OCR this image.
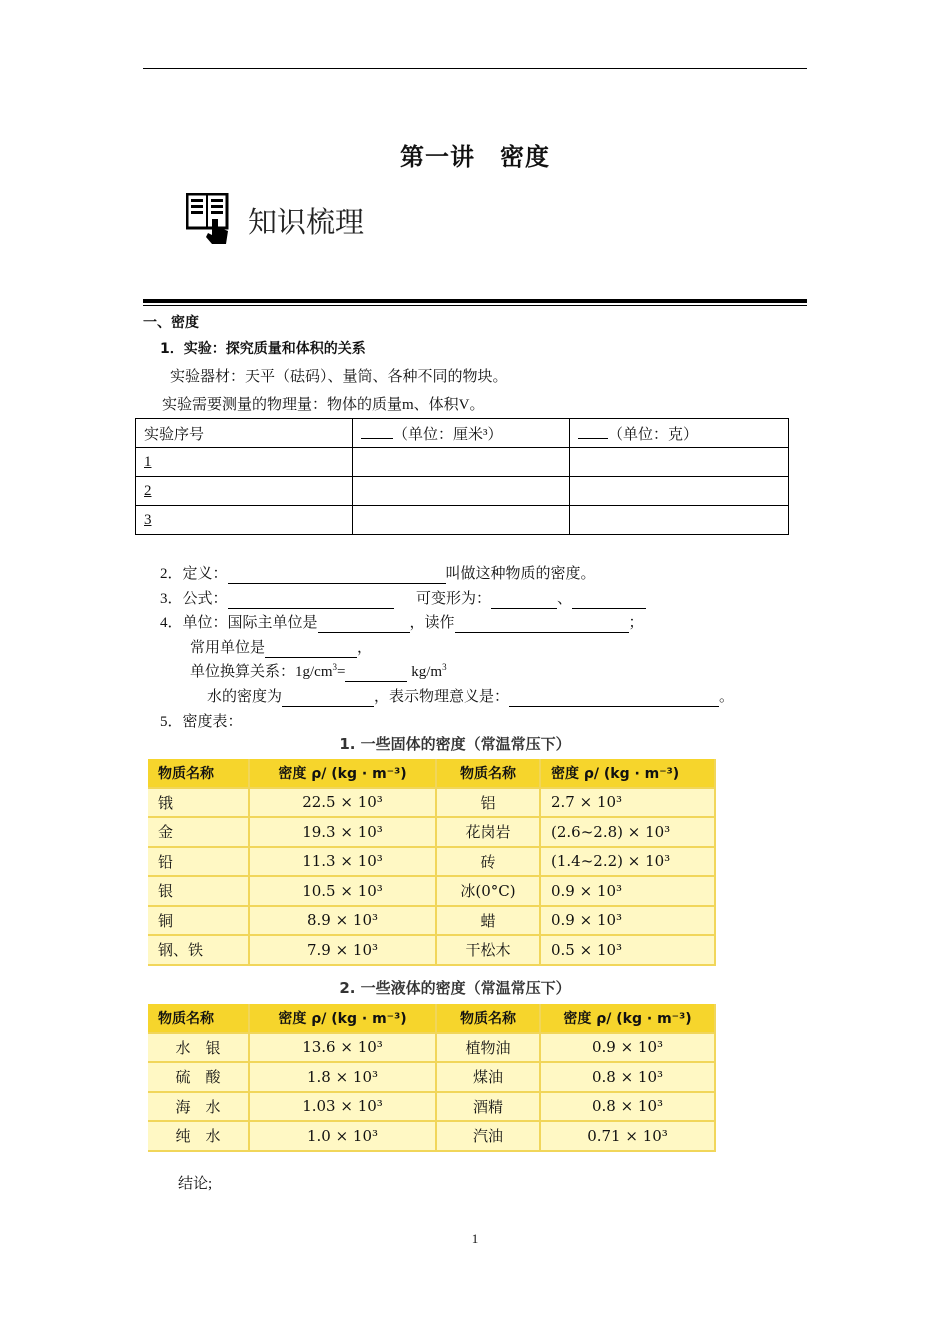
第一讲　密度
知识梳理
一、密度
1．实验：探究质量和体积的关系
实验器材：天平（砝码）、量筒、各种不同的物块。
实验需要测量的物理量：物体的质量m、体积V。
实验序号	（单位：厘米³）	（单位：克）
1		
2		
3		
2．定义：	叫做这种物质的密度。
3．公式：	可变形为：	、
4．单位：国际主单位是	，读作	；
常用单位是	，
单位换算关系：$1g/cm^3=$	$kg/m^3$
水的密度为	，表示物理意义是：	。
5．密度表：
1. 一些固体的密度（常温常压下）
物质名称	密度 ρ/ (kg · m⁻³)	物质名称	密度 ρ/ (kg · m⁻³)
锇	22.5 × 10³	铝	2.7 × 10³
金	19.3 × 10³	花岗岩	(2.6~2.8) × 10³
铅	11.3 × 10³	砖	(1.4~2.2) × 10³
银	10.5 × 10³	冰(0°C)	0.9 × 10³
铜	8.9 × 10³	蜡	0.9 × 10³
钢、铁	7.9 × 10³	干松木	0.5 × 10³
2. 一些液体的密度（常温常压下）
物质名称	密度 ρ/ (kg · m⁻³)	物质名称	密度 ρ/ (kg · m⁻³)
水　银	13.6 × 10³	植物油	0.9 × 10³
硫　酸	1.8 × 10³	煤油	0.8 × 10³
海　水	1.03 × 10³	酒精	0.8 × 10³
纯　水	1.0 × 10³	汽油	0.71 × 10³
结论;
1
